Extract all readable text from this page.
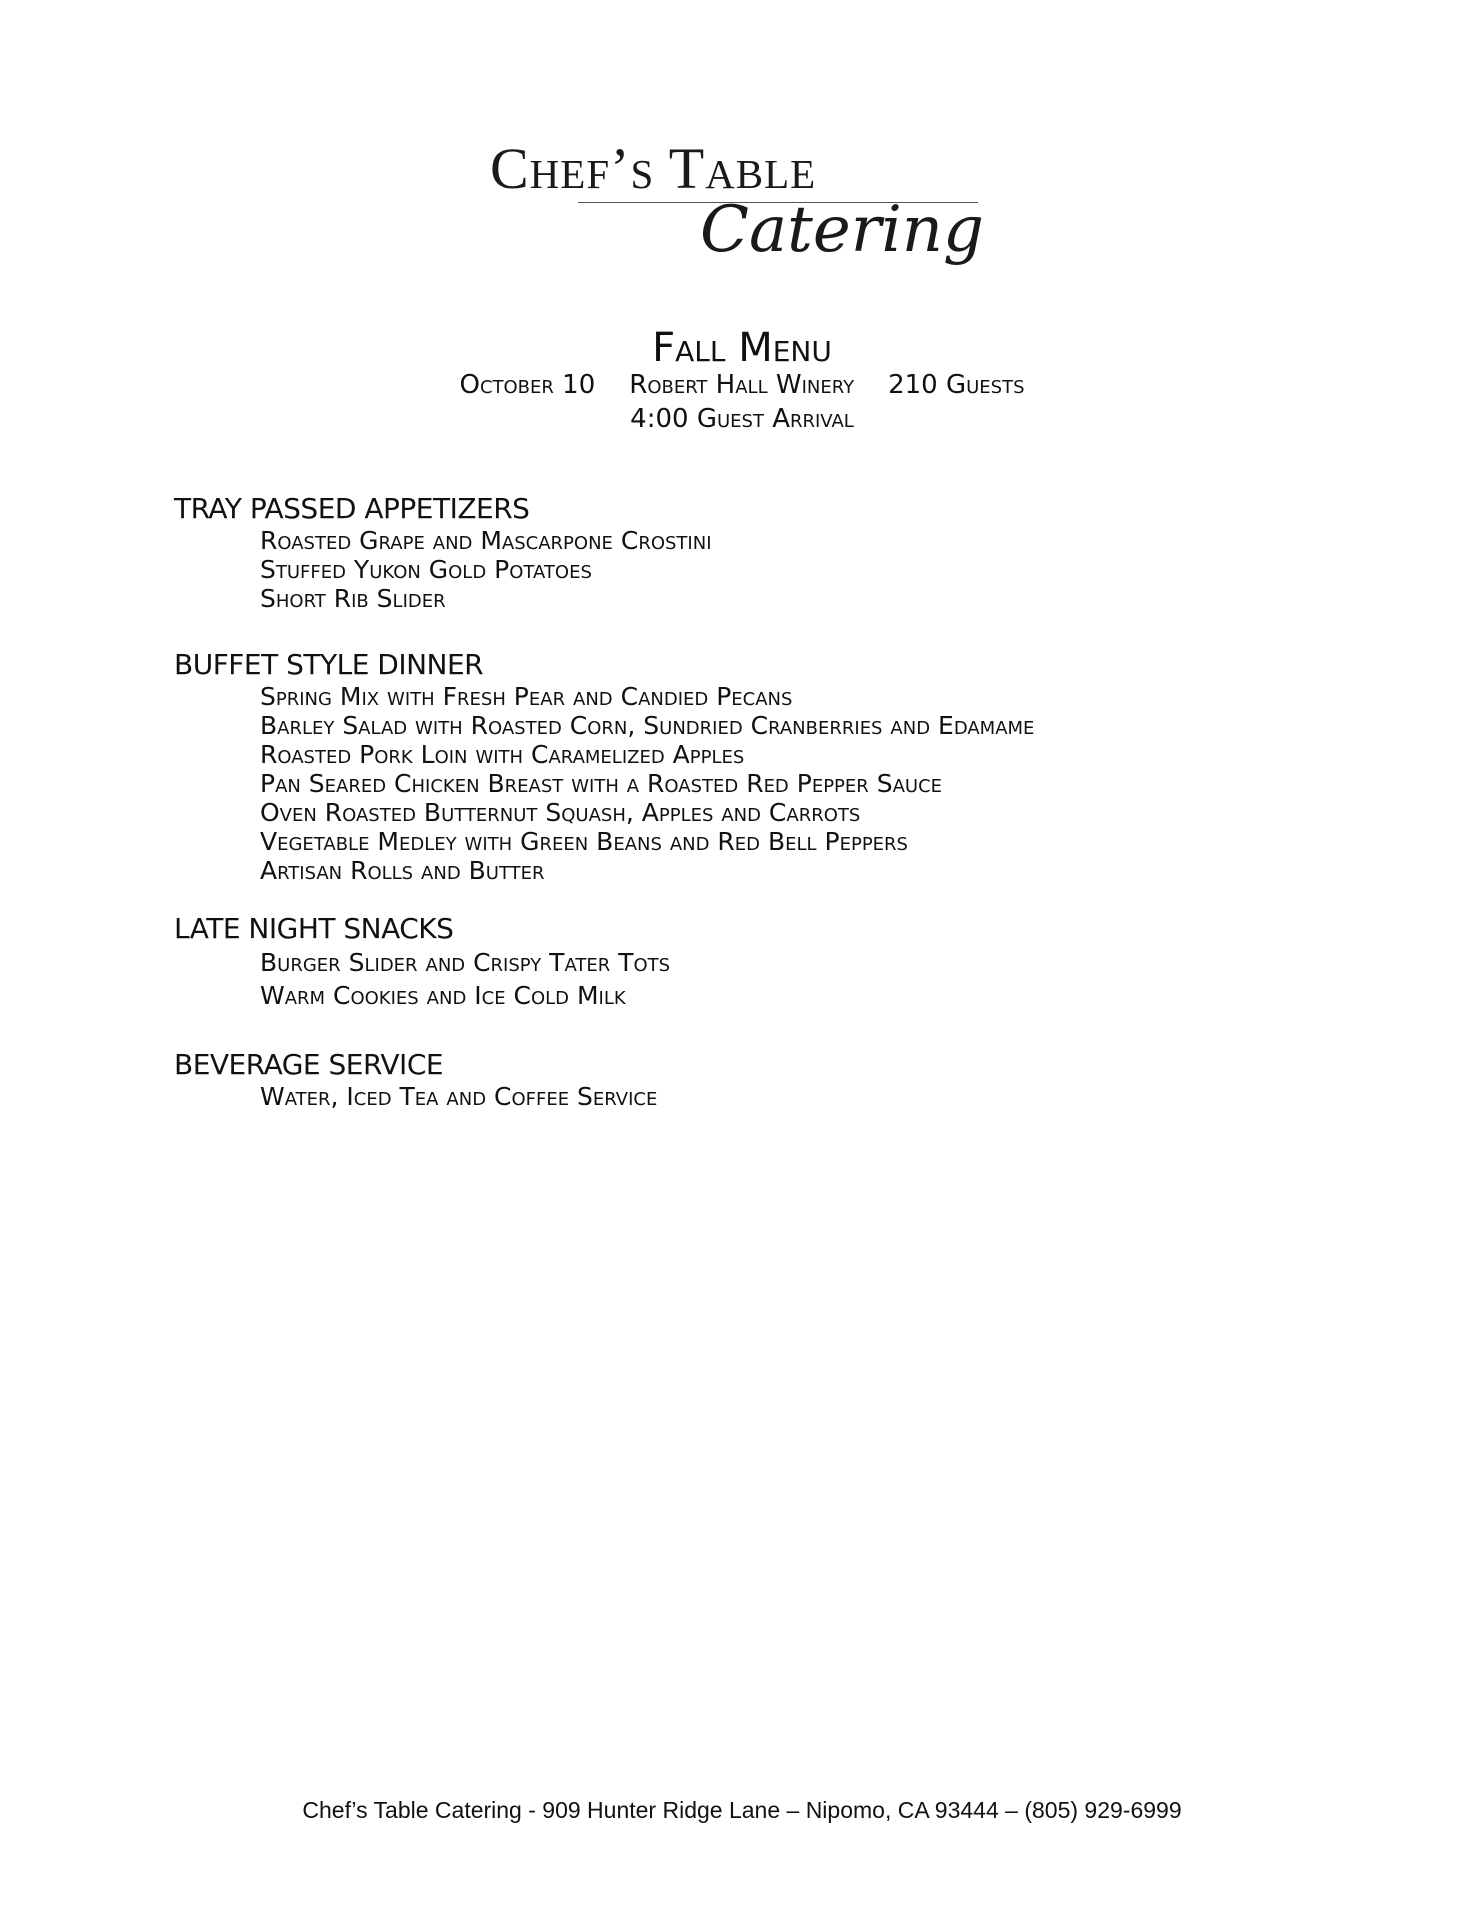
Chef’s Table
Catering
Fall Menu
October 10 Robert Hall Winery 210 Guests
4:00 Guest Arrival
TRAY PASSED APPETIZERS
Roasted Grape and Mascarpone Crostini
Stuffed Yukon Gold Potatoes
Short Rib Slider
BUFFET STYLE DINNER
Spring Mix with Fresh Pear and Candied Pecans
Barley Salad with Roasted Corn, Sundried Cranberries and Edamame
Roasted Pork Loin with Caramelized Apples
Pan Seared Chicken Breast with a Roasted Red Pepper Sauce
Oven Roasted Butternut Squash, Apples and Carrots
Vegetable Medley with Green Beans and Red Bell Peppers
Artisan Rolls and Butter
LATE NIGHT SNACKS
Burger Slider and Crispy Tater Tots
Warm Cookies and Ice Cold Milk
BEVERAGE SERVICE
Water, Iced Tea and Coffee Service
Chef’s Table Catering - 909 Hunter Ridge Lane – Nipomo, CA 93444 – (805) 929-6999
